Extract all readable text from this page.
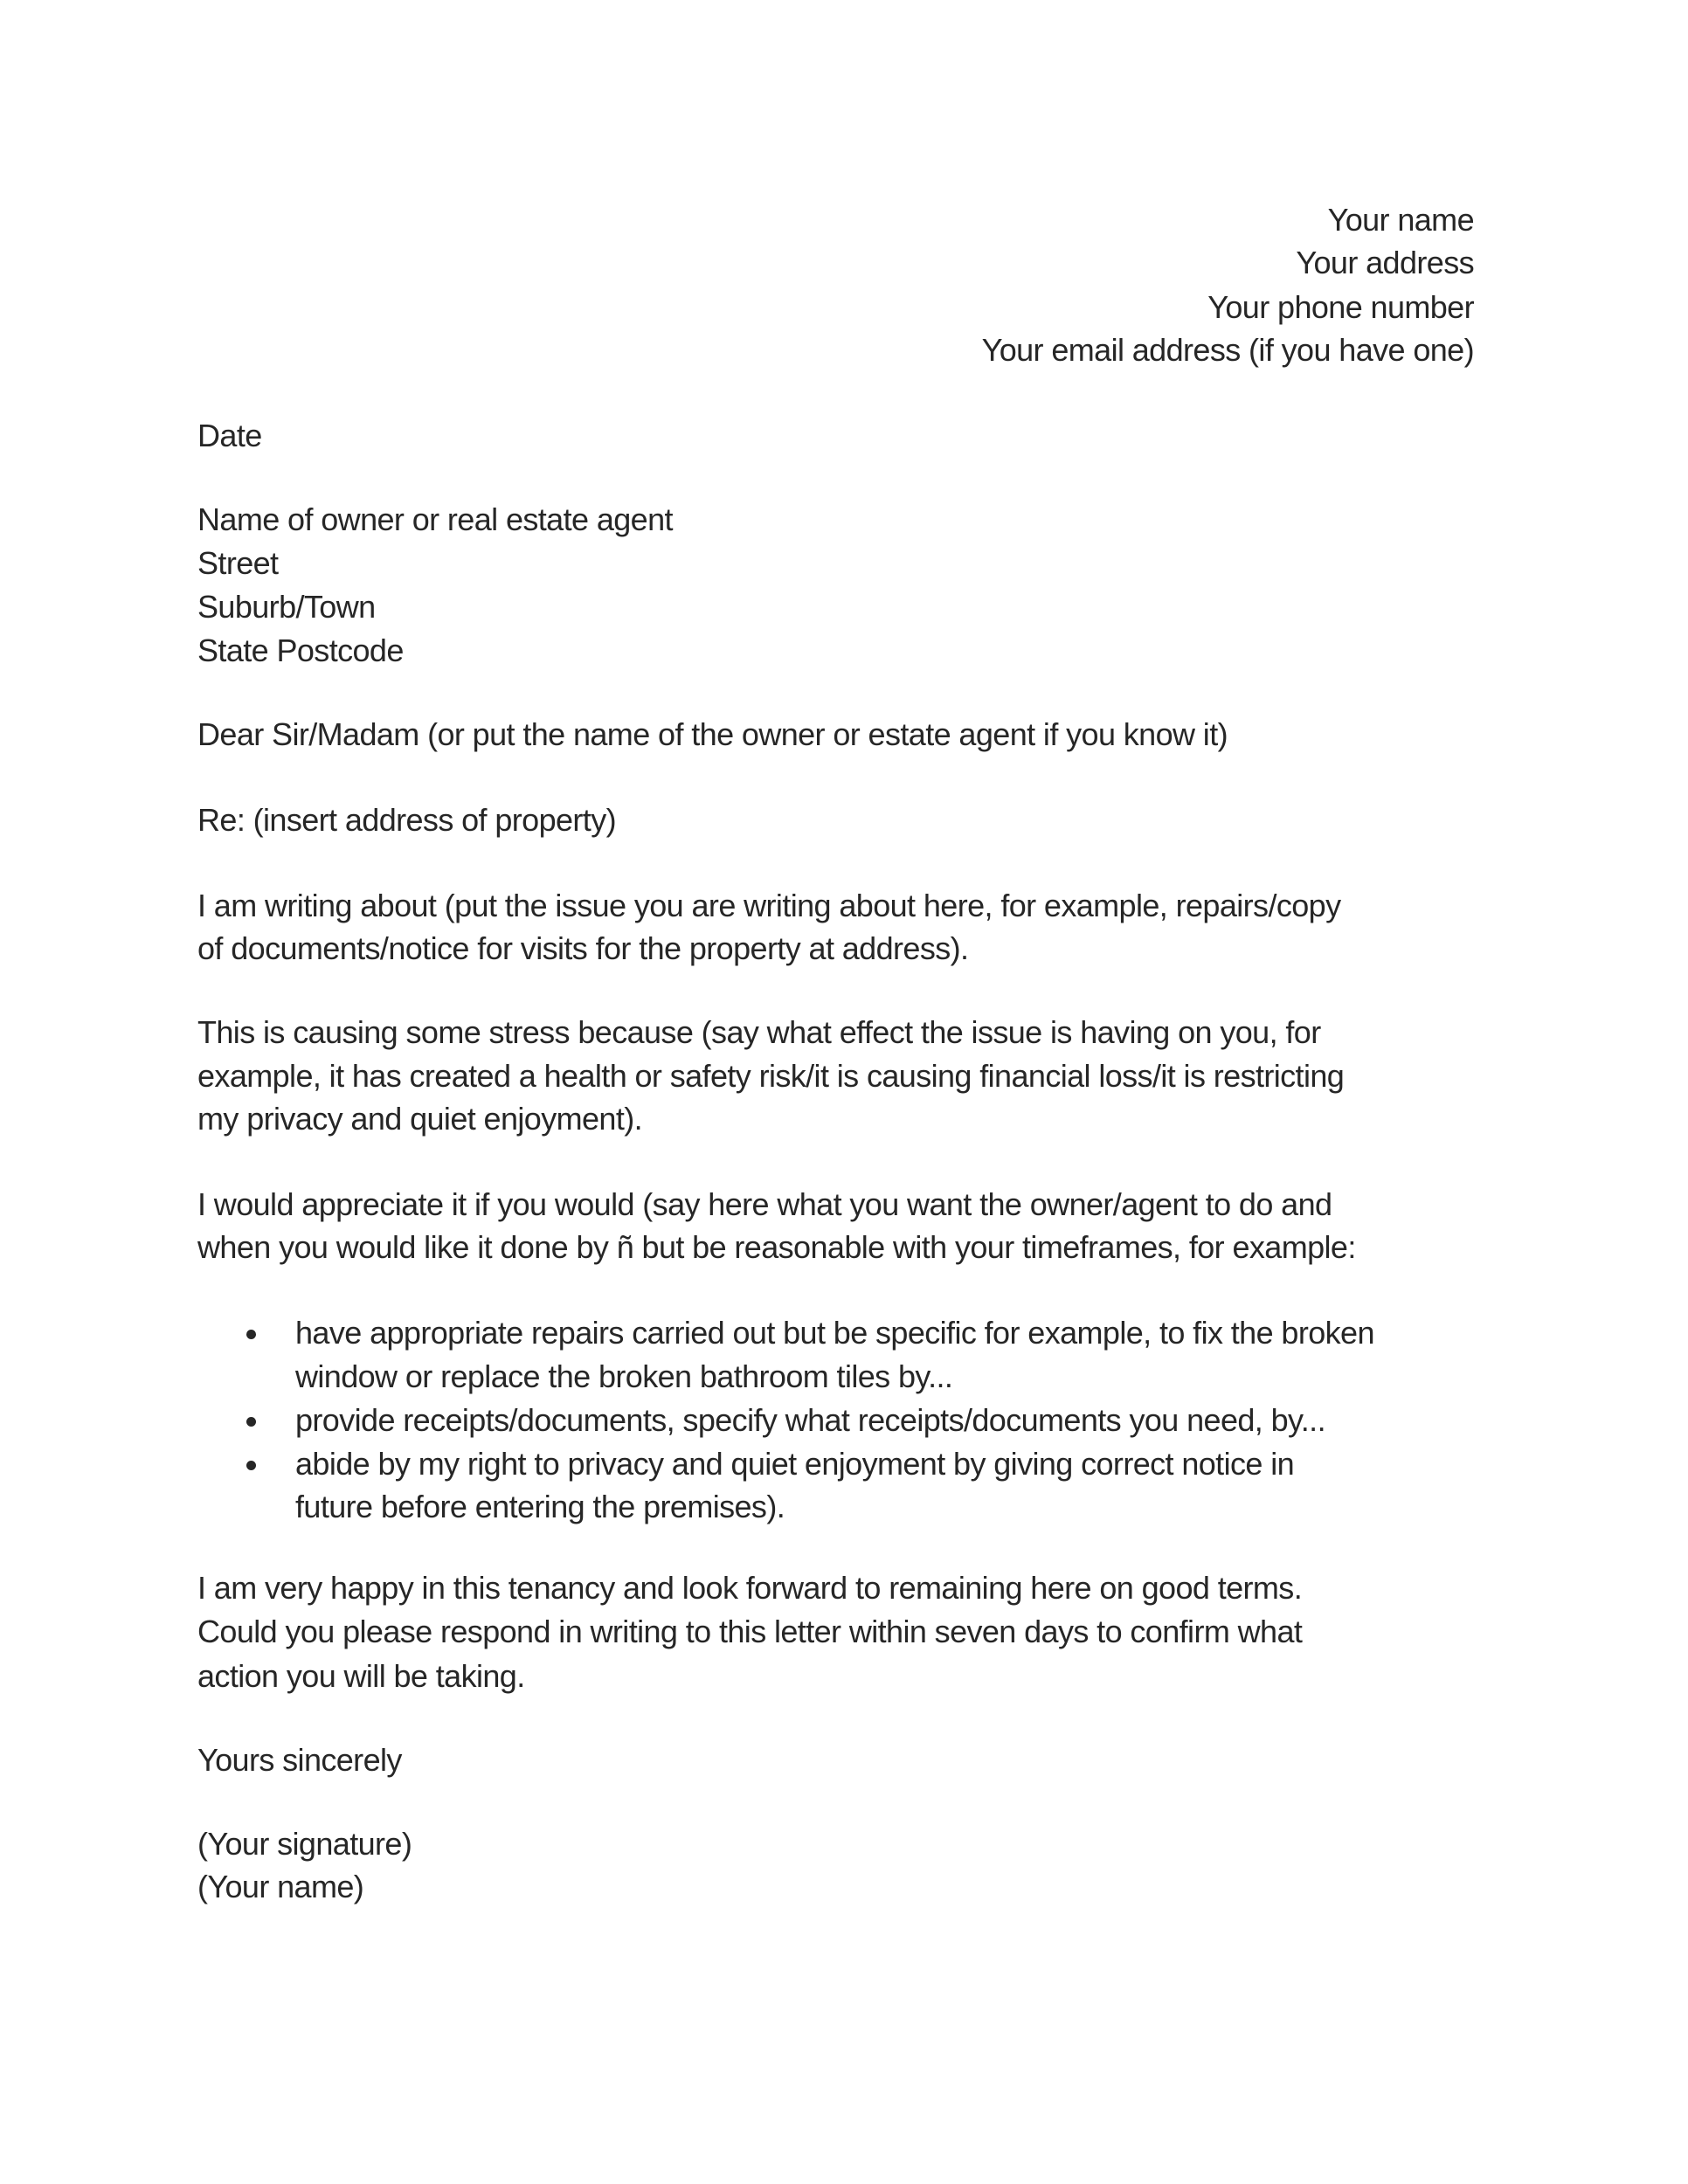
Your name
Your address
Your phone number
Your email address (if you have one)
Date
Name of owner or real estate agent
Street
Suburb/Town
State Postcode
Dear Sir/Madam (or put the name of the owner or estate agent if you know it)
Re: (insert address of property)
I am writing about (put the issue you are writing about here, for example, repairs/copy
of documents/notice for visits for the property at address).
This is causing some stress because (say what effect the issue is having on you, for
example, it has created a health or safety risk/it is causing financial loss/it is restricting
my privacy and quiet enjoyment).
I would appreciate it if you would (say here what you want the owner/agent to do and
when you would like it done by ñ but be reasonable with your timeframes, for example:
have appropriate repairs carried out but be specific for example, to fix the broken
window or replace the broken bathroom tiles by...
provide receipts/documents, specify what receipts/documents you need, by...
abide by my right to privacy and quiet enjoyment by giving correct notice in
future before entering the premises).
I am very happy in this tenancy and look forward to remaining here on good terms.
Could you please respond in writing to this letter within seven days to confirm what
action you will be taking.
Yours sincerely
(Your signature)
(Your name)
